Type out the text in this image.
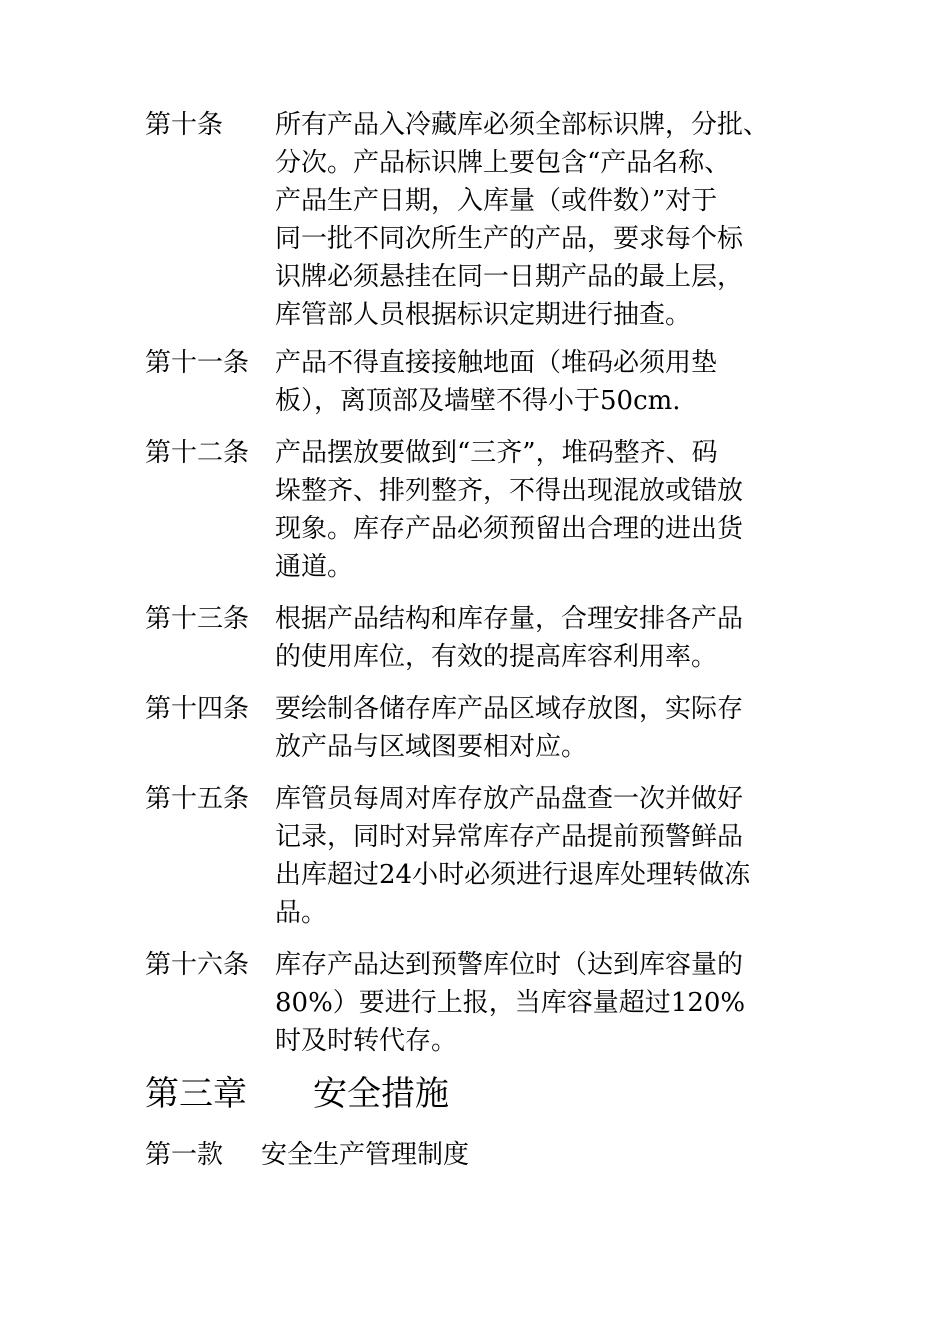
第十条 所有产品入冷藏库必须全部标识牌，分批、
分次。产品标识牌上要包含“产品名称、
产品生产日期，入库量（或件数）”对于
同一批不同次所生产的产品，要求每个标
识牌必须悬挂在同一日期产品的最上层，
库管部人员根据标识定期进行抽查。
第十一条 产品不得直接接触地面（堆码必须用垫
板），离顶部及墙壁不得小于50cm.
第十二条 产品摆放要做到“三齐”，堆码整齐、码
垛整齐、排列整齐，不得出现混放或错放
现象。库存产品必须预留出合理的进出货
通道。
第十三条 根据产品结构和库存量，合理安排各产品
的使用库位，有效的提高库容利用率。
第十四条 要绘制各储存库产品区域存放图，实际存
放产品与区域图要相对应。
第十五条 库管员每周对库存放产品盘查一次并做好
记录，同时对异常库存产品提前预警鲜品
出库超过24小时必须进行退库处理转做冻
品。
第十六条 库存产品达到预警库位时（达到库容量的
80%）要进行上报，当库容量超过120%
时及时转代存。
第三章 安全措施
第一款 安全生产管理制度
